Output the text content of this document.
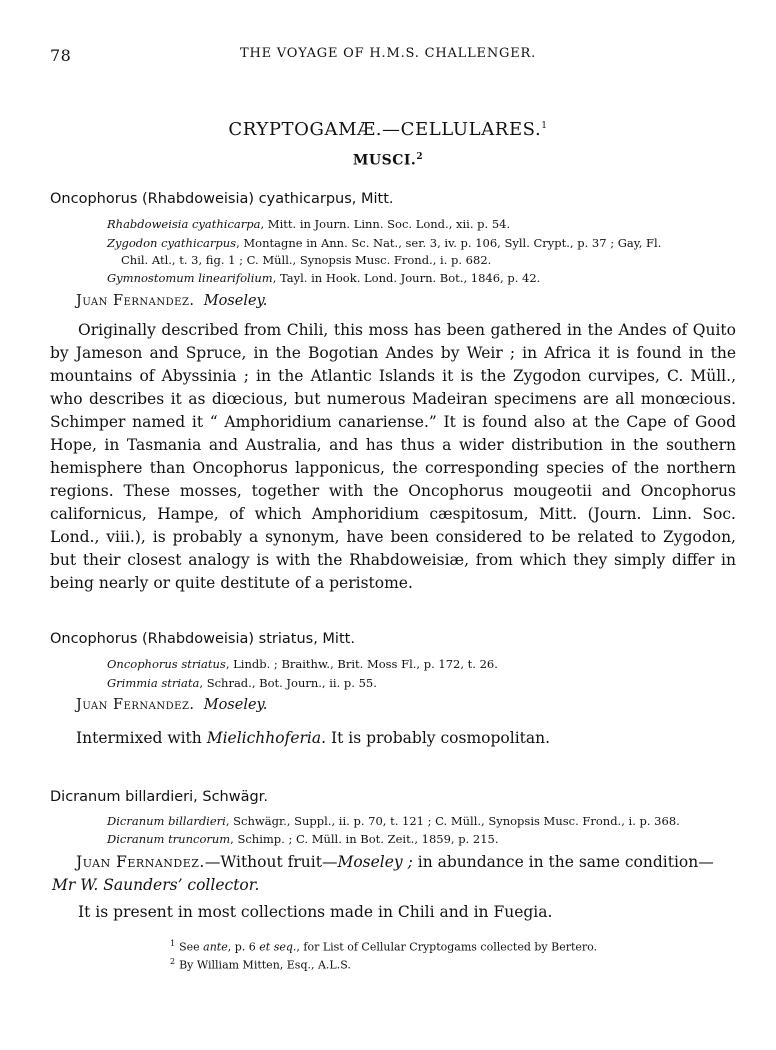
78	THE VOYAGE OF H.M.S. CHALLENGER.
CRYPTOGAMÆ.—CELLULARES.$^1$
MUSCI.$^2$
Oncophorus (Rhabdoweisia) cyathicarpus, Mitt.
Rhabdoweisia cyathicarpa, Mitt. in Journ. Linn. Soc. Lond., xii. p. 54.
Zygodon cyathicarpus, Montagne in Ann. Sc. Nat., ser. 3, iv. p. 106, Syll. Crypt., p. 37 ; Gay, Fl.
Chil. Atl., t. 3, fig. 1 ; C. Müll., Synopsis Musc. Frond., i. p. 682.
Gymnostomum linearifolium, Tayl. in Hook. Lond. Journ. Bot., 1846, p. 42.
Juan Fernandez. Moseley.
Originally described from Chili, this moss has been gathered in the Andes of Quito by Jameson and Spruce, in the Bogotian Andes by Weir ; in Africa it is found in the mountains of Abyssinia ; in the Atlantic Islands it is the Zygodon curvipes, C. Müll., who describes it as diœcious, but numerous Madeiran specimens are all monœcious. Schimper named it “ Amphoridium canariense.” It is found also at the Cape of Good Hope, in Tasmania and Australia, and has thus a wider distribution in the southern hemisphere than Oncophorus lapponicus, the corresponding species of the northern regions. These mosses, together with the Oncophorus mougeotii and Oncophorus californicus, Hampe, of which Amphoridium cæspitosum, Mitt. (Journ. Linn. Soc. Lond., viii.), is probably a synonym, have been considered to be related to Zygodon, but their closest analogy is with the Rhabdoweisiæ, from which they simply differ in being nearly or quite destitute of a peristome.
Oncophorus (Rhabdoweisia) striatus, Mitt.
Oncophorus striatus, Lindb. ; Braithw., Brit. Moss Fl., p. 172, t. 26.
Grimmia striata, Schrad., Bot. Journ., ii. p. 55.
Juan Fernandez. Moseley.
Intermixed with Mielichhoferia. It is probably cosmopolitan.
Dicranum billardieri, Schwägr.
Dicranum billardieri, Schwägr., Suppl., ii. p. 70, t. 121 ; C. Müll., Synopsis Musc. Frond., i. p. 368.
Dicranum truncorum, Schimp. ; C. Müll. in Bot. Zeit., 1859, p. 215.
Juan Fernandez.—Without fruit—Moseley ; in abundance in the same condition—
Mr W. Saunders’ collector.
It is present in most collections made in Chili and in Fuegia.
$^1$ See ante, p. 6 et seq., for List of Cellular Cryptogams collected by Bertero.
$^2$ By William Mitten, Esq., A.L.S.
